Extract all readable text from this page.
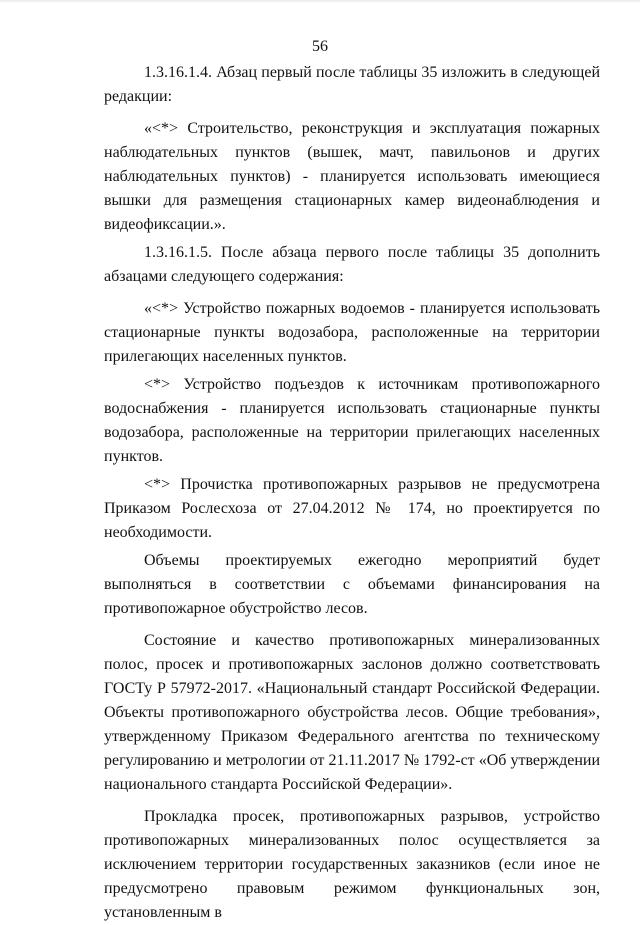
56

1.3.16.1.4. Абзац первый после таблицы 35 изложить в следующей редакции:

«<*> Строительство, реконструкция и эксплуатация пожарных наблюдательных пунктов (вышек, мачт, павильонов и других наблюдательных пунктов) - планируется использовать имеющиеся вышки для размещения стационарных камер видеонаблюдения и видеофиксации.».

1.3.16.1.5. После абзаца первого после таблицы 35 дополнить абзацами следующего содержания:

«<*> Устройство пожарных водоемов - планируется использовать стационарные пункты водозабора, расположенные на территории прилегающих населенных пунктов.

<*> Устройство подъездов к источникам противопожарного водоснабжения - планируется использовать стационарные пункты водозабора, расположенные на территории прилегающих населенных пунктов.

<*> Прочистка противопожарных разрывов не предусмотрена Приказом Рослесхоза от 27.04.2012 № 174, но проектируется по необходимости.

Объемы проектируемых ежегодно мероприятий будет выполняться в соответствии с объемами финансирования на противопожарное обустройство лесов.

Состояние и качество противопожарных минерализованных полос, просек и противопожарных заслонов должно соответствовать ГОСТу Р 57972-2017. «Национальный стандарт Российской Федерации. Объекты противопожарного обустройства лесов. Общие требования», утвержденному Приказом Федерального агентства по техническому регулированию и метрологии от 21.11.2017 № 1792-ст «Об утверждении национального стандарта Российской Федерации».

Прокладка просек, противопожарных разрывов, устройство противопожарных минерализованных полос осуществляется за исключением территории государственных заказников (если иное не предусмотрено правовым режимом функциональных зон, установленным в
